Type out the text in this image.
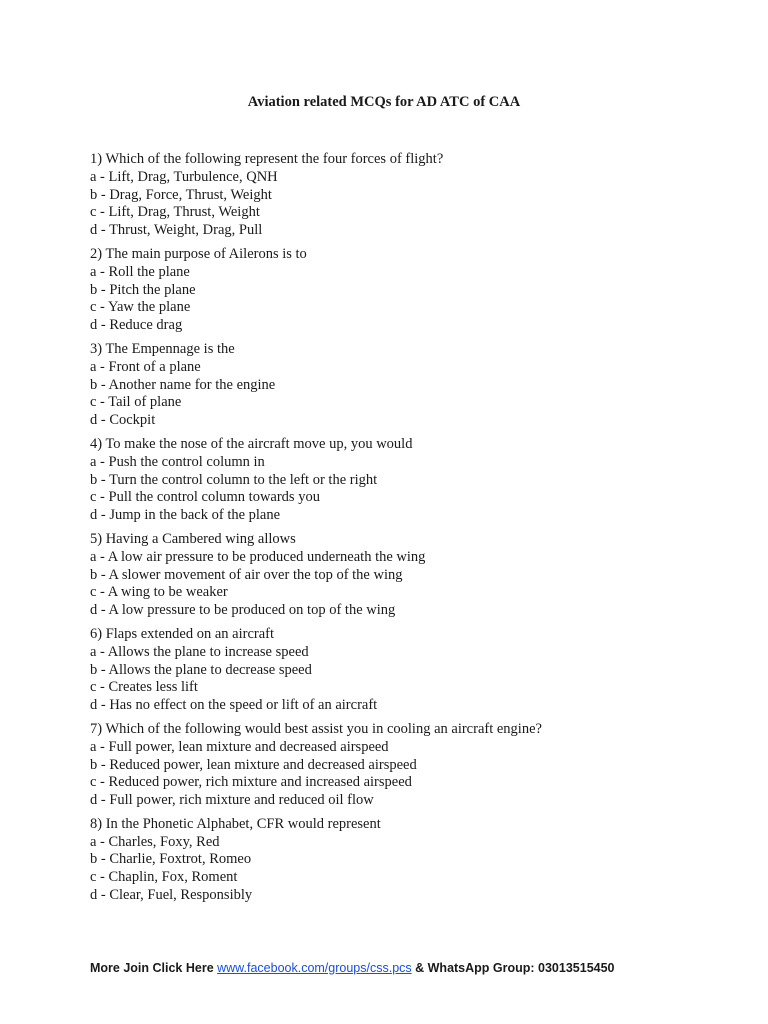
Aviation related MCQs for AD ATC of CAA
1) Which of the following represent the four forces of flight?
a - Lift, Drag, Turbulence, QNH
b - Drag, Force, Thrust, Weight
c - Lift, Drag, Thrust, Weight
d - Thrust, Weight, Drag, Pull
2) The main purpose of Ailerons is to
a - Roll the plane
b - Pitch the plane
c - Yaw the plane
d - Reduce drag
3) The Empennage is the
a - Front of a plane
b - Another name for the engine
c - Tail of plane
d - Cockpit
4) To make the nose of the aircraft move up, you would
a - Push the control column in
b - Turn the control column to the left or the right
c - Pull the control column towards you
d - Jump in the back of the plane
5) Having a Cambered wing allows
a - A low air pressure to be produced underneath the wing
b - A slower movement of air over the top of the wing
c - A wing to be weaker
d - A low pressure to be produced on top of the wing
6) Flaps extended on an aircraft
a - Allows the plane to increase speed
b - Allows the plane to decrease speed
c - Creates less lift
d - Has no effect on the speed or lift of an aircraft
7) Which of the following would best assist you in cooling an aircraft engine?
a - Full power, lean mixture and decreased airspeed
b - Reduced power, lean mixture and decreased airspeed
c - Reduced power, rich mixture and increased airspeed
d - Full power, rich mixture and reduced oil flow
8) In the Phonetic Alphabet, CFR would represent
a - Charles, Foxy, Red
b - Charlie, Foxtrot, Romeo
c - Chaplin, Fox, Roment
d - Clear, Fuel, Responsibly
More Join Click Here www.facebook.com/groups/css.pcs & WhatsApp Group: 03013515450
